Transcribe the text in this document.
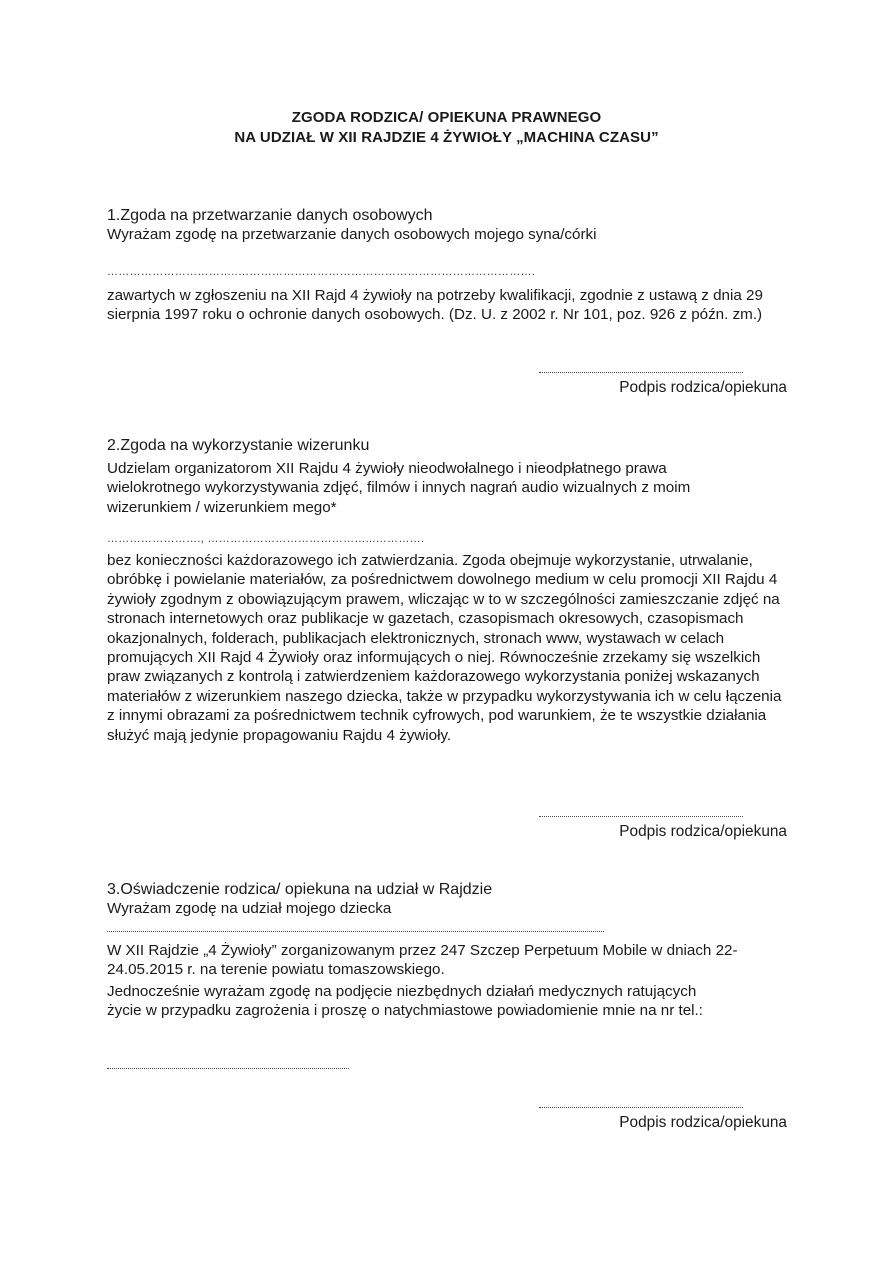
ZGODA RODZICA/ OPIEKUNA PRAWNEGO
NA UDZIAŁ W XII RAJDZIE 4 ŻYWIOŁY „MACHINA CZASU”
1.Zgoda na przetwarzanie danych osobowych
Wyrażam zgodę na przetwarzanie danych osobowych mojego syna/córki
……………………………..…………………………………………………………………….
zawartych w zgłoszeniu na XII Rajd 4 żywioły na potrzeby kwalifikacji, zgodnie z ustawą z dnia 29 sierpnia 1997 roku o ochronie danych osobowych. (Dz. U. z 2002 r. Nr 101, poz. 926 z późn. zm.)
Podpis rodzica/opiekuna
2.Zgoda na wykorzystanie wizerunku
Udzielam organizatorom XII Rajdu 4 żywioły nieodwołalnego i nieodpłatnego prawa wielokrotnego wykorzystywania zdjęć, filmów i innych nagrań audio wizualnych z moim wizerunkiem / wizerunkiem mego*
……………………., ……………………………………...………….
bez konieczności każdorazowego ich zatwierdzania. Zgoda obejmuje wykorzystanie, utrwalanie, obróbkę i powielanie materiałów, za pośrednictwem dowolnego medium w celu promocji XII Rajdu 4 żywioły zgodnym z obowiązującym prawem, wliczając w to w szczególności zamieszczanie zdjęć na stronach internetowych oraz publikacje w gazetach, czasopismach okresowych, czasopismach okazjonalnych, folderach, publikacjach elektronicznych, stronach www, wystawach w celach promujących XII Rajd 4 Żywioły oraz informujących o niej. Równocześnie zrzekamy się wszelkich praw związanych z kontrolą i zatwierdzeniem każdorazowego wykorzystania poniżej wskazanych materiałów z wizerunkiem naszego dziecka, także w przypadku wykorzystywania ich w celu łączenia z innymi obrazami za pośrednictwem technik cyfrowych, pod warunkiem, że te wszystkie działania służyć mają jedynie propagowaniu Rajdu 4 żywioły.
Podpis rodzica/opiekuna
3.Oświadczenie rodzica/ opiekuna na udział w Rajdzie
Wyrażam zgodę na udział mojego dziecka
W XII Rajdzie „4 Żywioły” zorganizowanym przez 247 Szczep Perpetuum Mobile w dniach 22-24.05.2015 r. na terenie powiatu tomaszowskiego.
Jednocześnie wyrażam zgodę na podjęcie niezbędnych działań medycznych ratujących życie w przypadku zagrożenia i proszę o natychmiastowe powiadomienie mnie na nr tel.:
Podpis rodzica/opiekuna
